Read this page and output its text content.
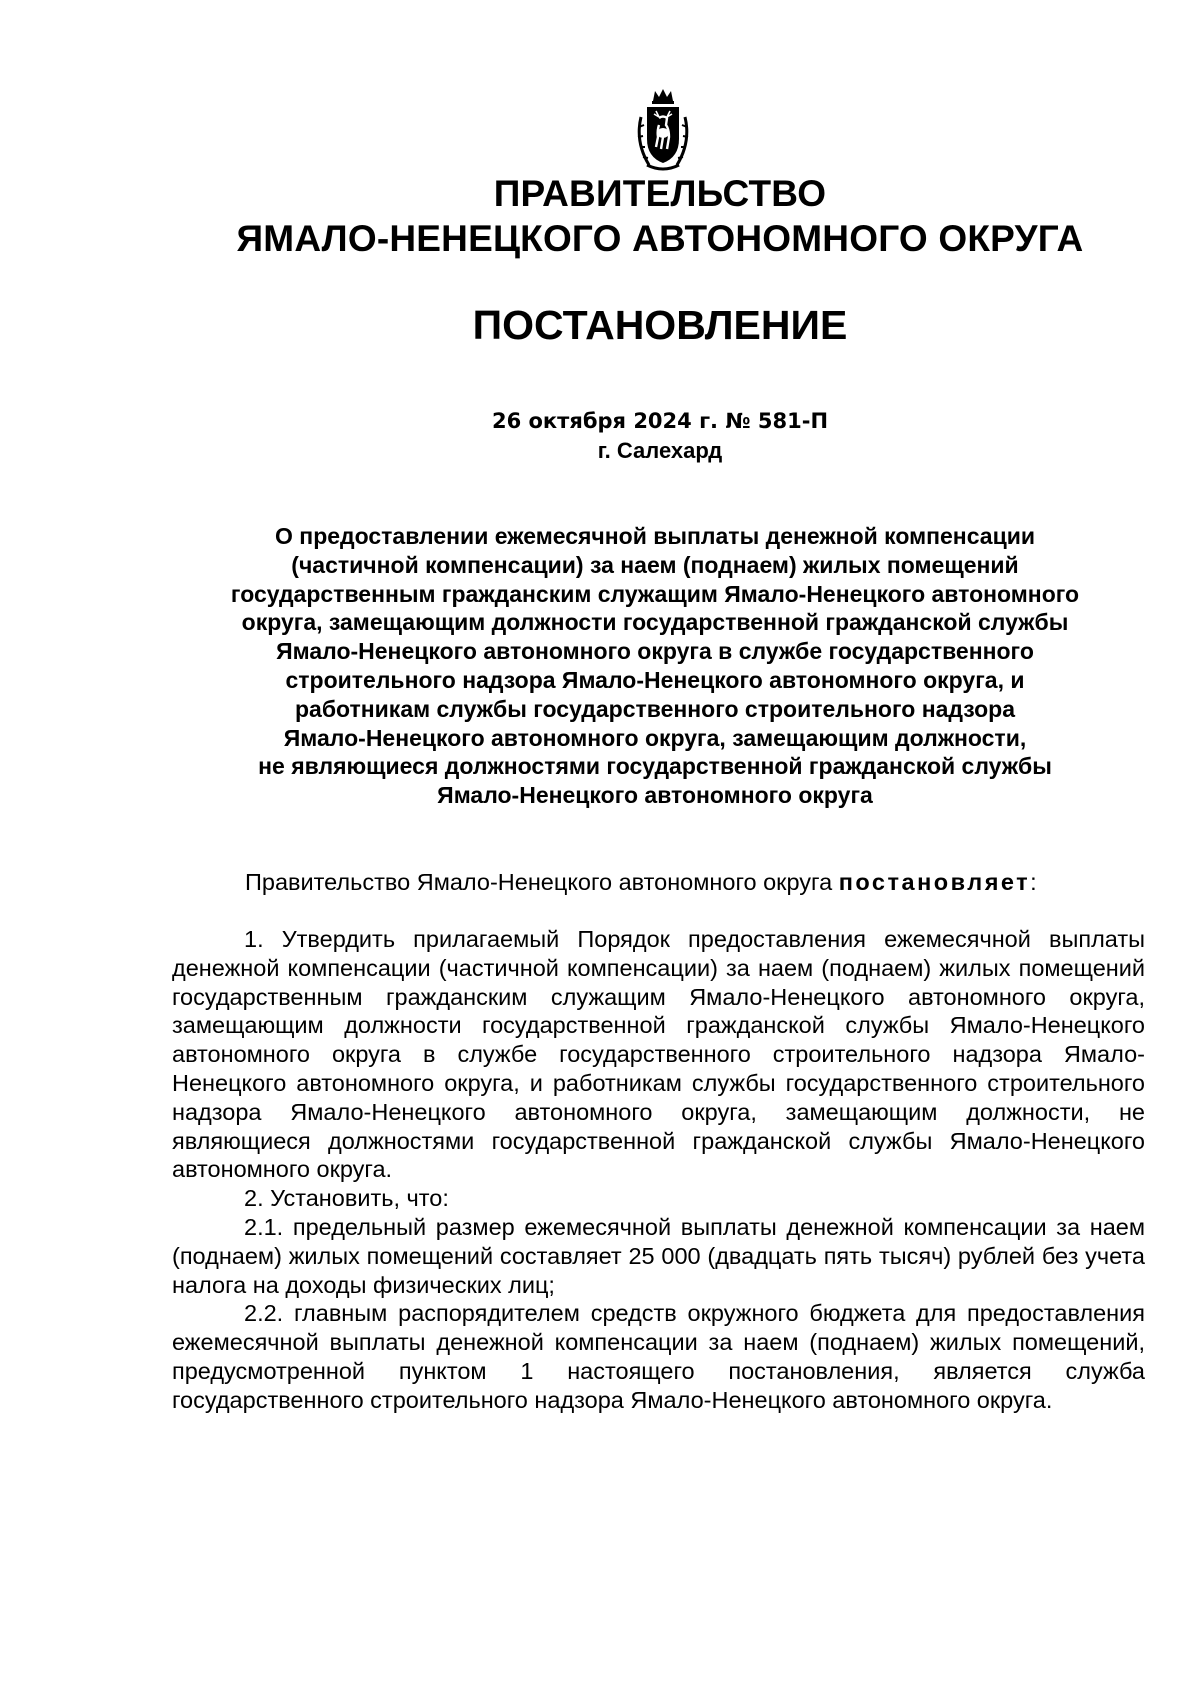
ПРАВИТЕЛЬСТВО
ЯМАЛО-НЕНЕЦКОГО АВТОНОМНОГО ОКРУГА
ПОСТАНОВЛЕНИЕ
26 октября 2024 г. № 581-П
г. Салехард
О предоставлении ежемесячной выплаты денежной компенсации
(частичной компенсации) за наем (поднаем) жилых помещений
государственным гражданским служащим Ямало-Ненецкого автономного
округа, замещающим должности государственной гражданской службы
Ямало-Ненецкого автономного округа в службе государственного
строительного надзора Ямало-Ненецкого автономного округа, и
работникам службы государственного строительного надзора
Ямало-Ненецкого автономного округа, замещающим должности,
не являющиеся должностями государственной гражданской службы
Ямало-Ненецкого автономного округа
Правительство Ямало-Ненецкого автономного округа постановляет:

1. Утвердить прилагаемый Порядок предоставления ежемесячной выплаты денежной компенсации (частичной компенсации) за наем (поднаем) жилых помещений государственным гражданским служащим Ямало-Ненецкого автономного округа, замещающим должности государственной гражданской службы Ямало-Ненецкого автономного округа в службе государственного строительного надзора Ямало-Ненецкого автономного округа, и работникам службы государственного строительного надзора Ямало-Ненецкого автономного округа, замещающим должности, не являющиеся должностями государственной гражданской службы Ямало-Ненецкого автономного округа.

2. Установить, что:

2.1. предельный размер ежемесячной выплаты денежной компенсации за наем (поднаем) жилых помещений составляет 25 000 (двадцать пять тысяч) рублей без учета налога на доходы физических лиц;

2.2. главным распорядителем средств окружного бюджета для предоставления ежемесячной выплаты денежной компенсации за наем (поднаем) жилых помещений, предусмотренной пунктом 1 настоящего постановления, является служба государственного строительного надзора Ямало-Ненецкого автономного округа.
